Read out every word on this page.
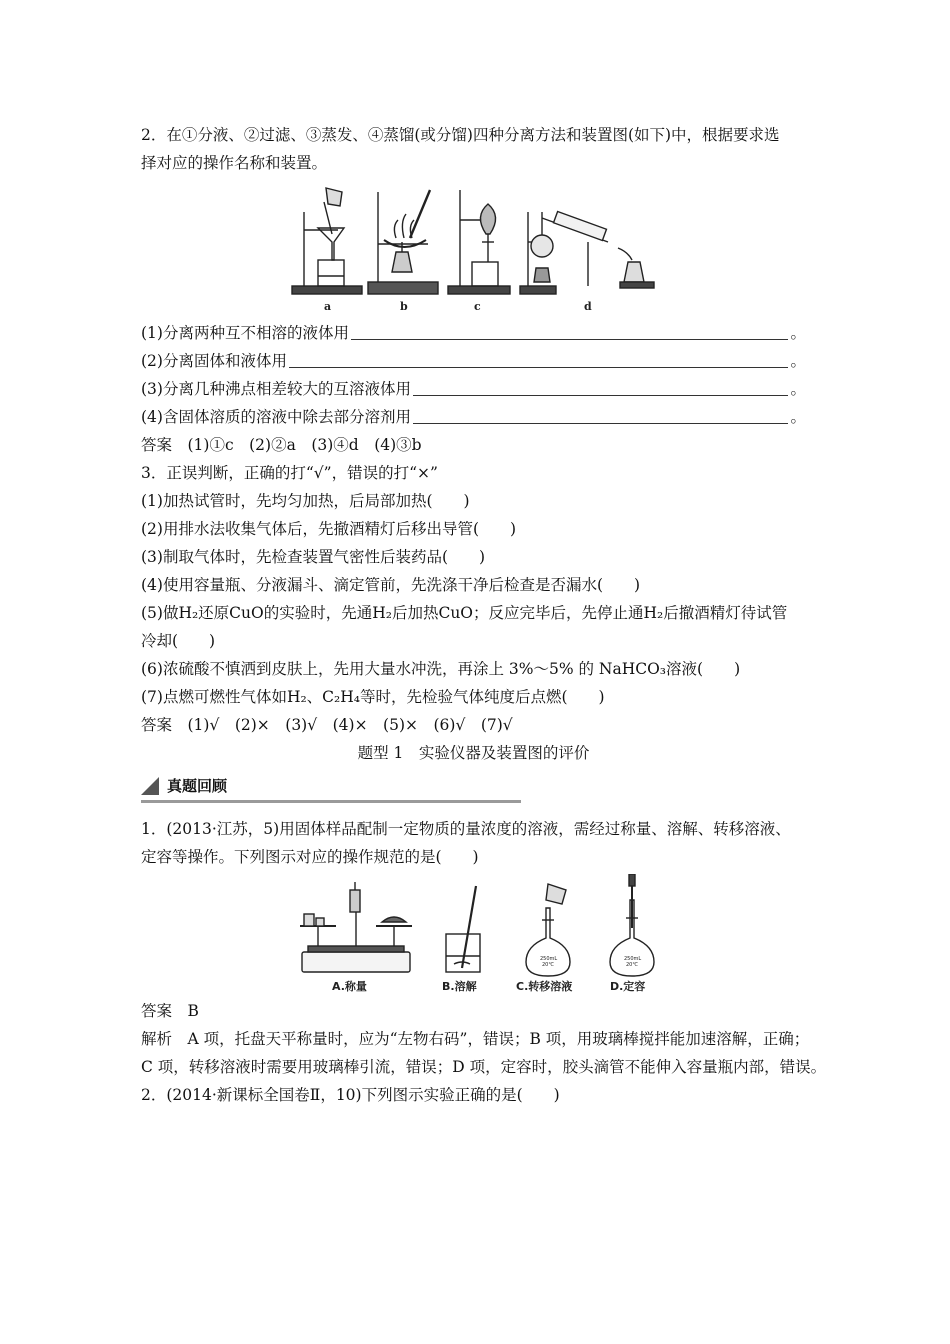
2．在①分液、②过滤、③蒸发、④蒸馏(或分馏)四种分离方法和装置图(如下)中，根据要求选
择对应的操作名称和装置。
a	b	c	d
(1)分离两种互不相溶的液体用	。
(2)分离固体和液体用	。
(3)分离几种沸点相差较大的互溶液体用	。
(4)含固体溶质的溶液中除去部分溶剂用	。
答案　(1)①c　(2)②a　(3)④d　(4)③b
3．正误判断，正确的打“√”，错误的打“×”
(1)加热试管时，先均匀加热，后局部加热(　　)
(2)用排水法收集气体后，先撤酒精灯后移出导管(　　)
(3)制取气体时，先检查装置气密性后装药品(　　)
(4)使用容量瓶、分液漏斗、滴定管前，先洗涤干净后检查是否漏水(　　)
(5)做H₂还原CuO的实验时，先通H₂后加热CuO；反应完毕后，先停止通H₂后撤酒精灯待试管
冷却(　　)
(6)浓硫酸不慎洒到皮肤上，先用大量水冲洗，再涂上 3%～5% 的 NaHCO₃溶液(　　)
(7)点燃可燃性气体如H₂、C₂H₄等时，先检验气体纯度后点燃(　　)
答案　(1)√　(2)×　(3)√　(4)×　(5)×　(6)√　(7)√
题型 1　实验仪器及装置图的评价
真题回顾
1．(2013·江苏，5)用固体样品配制一定物质的量浓度的溶液，需经过称量、溶解、转移溶液、
定容等操作。下列图示对应的操作规范的是(　　)
250mL
20℃
250mL
20℃
A.称量	B.溶解	C.转移溶液	D.定容
答案　B
解析　A 项，托盘天平称量时，应为“左物右码”，错误；B 项，用玻璃棒搅拌能加速溶解，正确；
C 项，转移溶液时需要用玻璃棒引流，错误；D 项，定容时，胶头滴管不能伸入容量瓶内部，错误。
2．(2014·新课标全国卷Ⅱ，10)下列图示实验正确的是(　　)
